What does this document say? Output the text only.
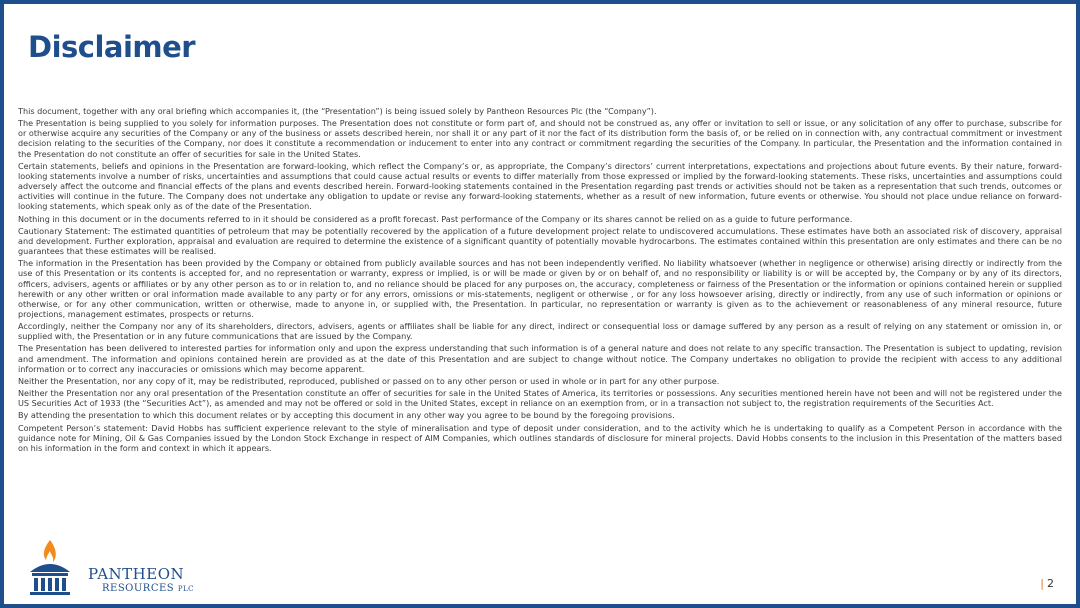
Disclaimer

This document, together with any oral briefing which accompanies it, (the “Presentation”) is being issued solely by Pantheon Resources Plc (the “Company”).

The Presentation is being supplied to you solely for information purposes. The Presentation does not constitute or form part of, and should not be construed as, any offer or invitation to sell or issue, or any solicitation of any offer to purchase, subscribe for or otherwise acquire any securities of the Company or any of the business or assets described herein, nor shall it or any part of it nor the fact of its distribution form the basis of, or be relied on in connection with, any contractual commitment or investment decision relating to the securities of the Company, nor does it constitute a recommendation or inducement to enter into any contract or commitment regarding the securities of the Company. In particular, the Presentation and the information contained in the Presentation do not constitute an offer of securities for sale in the United States.

Certain statements, beliefs and opinions in the Presentation are forward-looking, which reflect the Company’s or, as appropriate, the Company’s directors’ current interpretations, expectations and projections about future events. By their nature, forward-looking statements involve a number of risks, uncertainties and assumptions that could cause actual results or events to differ materially from those expressed or implied by the forward-looking statements. These risks, uncertainties and assumptions could adversely affect the outcome and financial effects of the plans and events described herein. Forward-looking statements contained in the Presentation regarding past trends or activities should not be taken as a representation that such trends, outcomes or activities will continue in the future. The Company does not undertake any obligation to update or revise any forward-looking statements, whether as a result of new information, future events or otherwise. You should not place undue reliance on forward-looking statements, which speak only as of the date of the Presentation.

Nothing in this document or in the documents referred to in it should be considered as a profit forecast. Past performance of the Company or its shares cannot be relied on as a guide to future performance.

Cautionary Statement: The estimated quantities of petroleum that may be potentially recovered by the application of a future development project relate to undiscovered accumulations. These estimates have both an associated risk of discovery, appraisal and development. Further exploration, appraisal and evaluation are required to determine the existence of a significant quantity of potentially movable hydrocarbons. The estimates contained within this presentation are only estimates and there can be no guarantees that these estimates will be realised.

The information in the Presentation has been provided by the Company or obtained from publicly available sources and has not been independently verified. No liability whatsoever (whether in negligence or otherwise) arising directly or indirectly from the use of this Presentation or its contents is accepted for, and no representation or warranty, express or implied, is or will be made or given by or on behalf of, and no responsibility or liability is or will be accepted by, the Company or by any of its directors, officers, advisers, agents or affiliates or by any other person as to or in relation to, and no reliance should be placed for any purposes on, the accuracy, completeness or fairness of the Presentation or the information or opinions contained herein or supplied herewith or any other written or oral information made available to any party or for any errors, omissions or mis-statements, negligent or otherwise , or for any loss howsoever arising, directly or indirectly, from any use of such information or opinions or otherwise, or for any other communication, written or otherwise, made to anyone in, or supplied with, the Presentation. In particular, no representation or warranty is given as to the achievement or reasonableness of any mineral resource, future projections, management estimates, prospects or returns.

Accordingly, neither the Company nor any of its shareholders, directors, advisers, agents or affiliates shall be liable for any direct, indirect or consequential loss or damage suffered by any person as a result of relying on any statement or omission in, or supplied with, the Presentation or in any future communications that are issued by the Company.

The Presentation has been delivered to interested parties for information only and upon the express understanding that such information is of a general nature and does not relate to any specific transaction. The Presentation is subject to updating, revision and amendment. The information and opinions contained herein are provided as at the date of this Presentation and are subject to change without notice. The Company undertakes no obligation to provide the recipient with access to any additional information or to correct any inaccuracies or omissions which may become apparent.

Neither the Presentation, nor any copy of it, may be redistributed, reproduced, published or passed on to any other person or used in whole or in part for any other purpose.

Neither the Presentation nor any oral presentation of the Presentation constitute an offer of securities for sale in the United States of America, its territories or possessions. Any securities mentioned herein have not been and will not be registered under the US Securities Act of 1933 (the “Securities Act”), as amended and may not be offered or sold in the United States, except in reliance on an exemption from, or in a transaction not subject to, the registration requirements of the Securities Act.

By attending the presentation to which this document relates or by accepting this document in any other way you agree to be bound by the foregoing provisions.

Competent Person’s statement: David Hobbs has sufficient experience relevant to the style of mineralisation and type of deposit under consideration, and to the activity which he is undertaking to qualify as a Competent Person in accordance with the guidance note for Mining, Oil & Gas Companies issued by the London Stock Exchange in respect of AIM Companies, which outlines standards of disclosure for mineral projects. David Hobbs consents to the inclusion in this Presentation of the matters based on his information in the form and context in which it appears.

PANTHEON
RESOURCES PLC	| 2
